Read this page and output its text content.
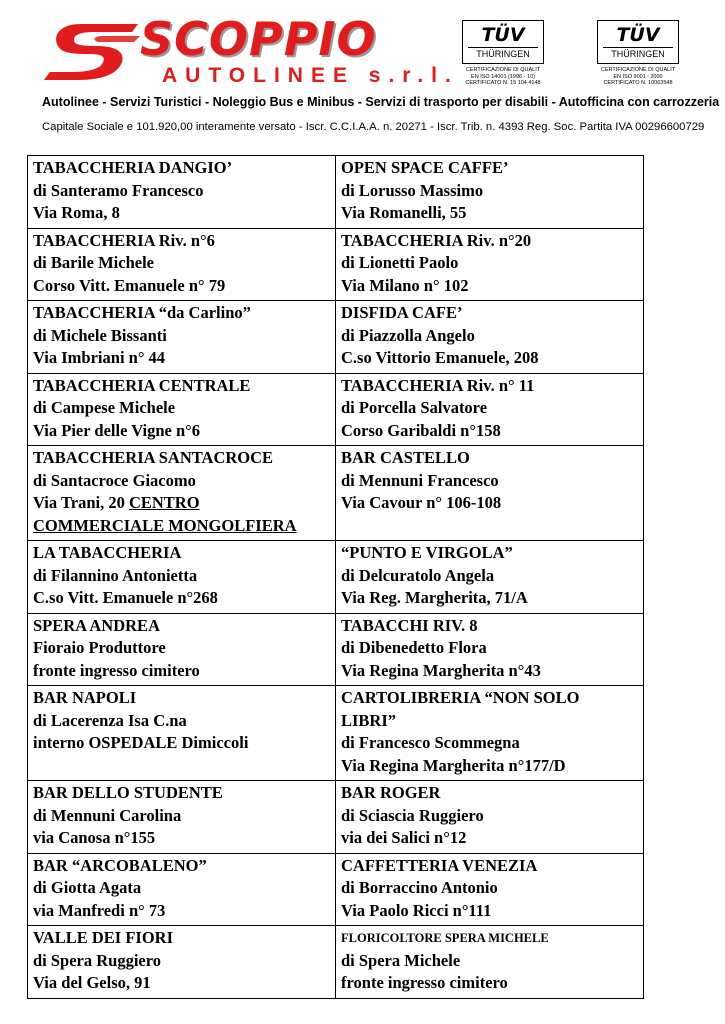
SCOPPIO
AUTOLINEE s.r.l.
TÜV
THÜRINGEN
CERTIFICAZIONE DI QUALIT
EN ISO 14001 (1996 - 10)
CERTIFICATO N. 15 104 4148
TÜV
THÜRINGEN
CERTIFICAZIONE DI QUALIT
EN ISO 9001 : 2000
CERTIFICATO N. 10063548
Autolinee - Servizi Turistici - Noleggio Bus e Minibus - Servizi di trasporto per disabili - Autofficina con carrozzeria
Capitale Sociale e 101.920,00 interamente versato - Iscr. C.C.I.A.A. n. 20271 - Iscr. Trib. n. 4393 Reg. Soc. Partita IVA 00296600729
TABACCHERIA DANGIO’
di Santeramo Francesco
Via Roma, 8	OPEN SPACE CAFFE’
di Lorusso Massimo
Via Romanelli, 55

TABACCHERIA Riv. n°6
di Barile Michele
Corso Vitt. Emanuele n° 79	TABACCHERIA Riv. n°20
di Lionetti Paolo
Via Milano n° 102

TABACCHERIA “da Carlino”
di Michele Bissanti
Via Imbriani n° 44	DISFIDA CAFE’
di Piazzolla Angelo
C.so Vittorio Emanuele, 208

TABACCHERIA CENTRALE
di Campese Michele
Via Pier delle Vigne n°6	TABACCHERIA Riv. n° 11
di Porcella Salvatore
Corso Garibaldi n°158

TABACCHERIA SANTACROCE
di Santacroce Giacomo
Via Trani, 20 CENTRO
COMMERCIALE MONGOLFIERA	BAR CASTELLO
di Mennuni Francesco
Via Cavour n° 106-108

LA TABACCHERIA
di Filannino Antonietta
C.so Vitt. Emanuele n°268	“PUNTO E VIRGOLA”
di Delcuratolo Angela
Via Reg. Margherita, 71/A

SPERA ANDREA
Fioraio Produttore
fronte ingresso cimitero	TABACCHI RIV. 8
di Dibenedetto Flora
Via Regina Margherita n°43

BAR NAPOLI
di Lacerenza Isa C.na
interno OSPEDALE Dimiccoli	CARTOLIBRERIA “NON SOLO
LIBRI”
di Francesco Scommegna
Via Regina Margherita n°177/D

BAR DELLO STUDENTE
di Mennuni Carolina
via Canosa n°155	BAR ROGER
di Sciascia Ruggiero
via dei Salici n°12

BAR “ARCOBALENO”
di Giotta Agata
via Manfredi n° 73	CAFFETTERIA VENEZIA
di Borraccino Antonio
Via Paolo Ricci n°111

VALLE DEI FIORI
di Spera Ruggiero
Via del Gelso, 91	FLORICOLTORE SPERA MICHELE
di Spera Michele
fronte ingresso cimitero
